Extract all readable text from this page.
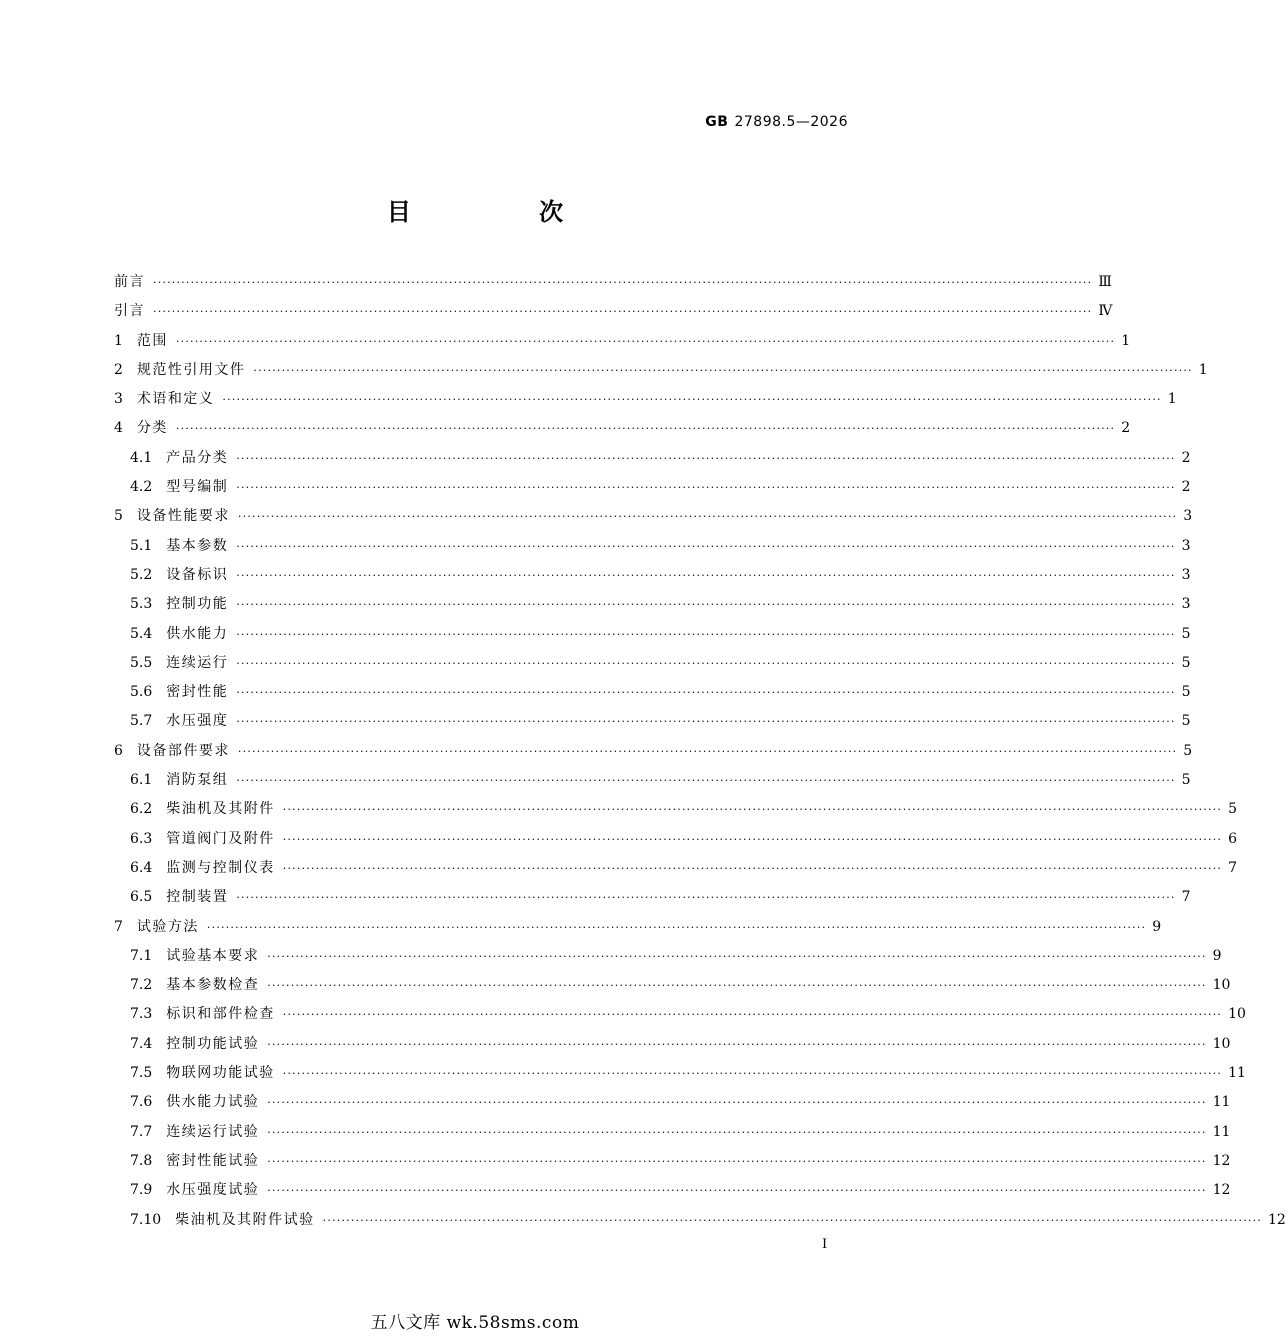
GB 27898.5—2026
目 次
前言 ········································································································································································································ Ⅲ
引言 ········································································································································································································ Ⅳ
1 范围 ········································································································································································································ 1
2 规范性引用文件 ········································································································································································································ 1
3 术语和定义 ········································································································································································································ 1
4 分类 ········································································································································································································ 2
4.1 产品分类 ········································································································································································································ 2
4.2 型号编制 ········································································································································································································ 2
5 设备性能要求 ········································································································································································································ 3
5.1 基本参数 ········································································································································································································ 3
5.2 设备标识 ········································································································································································································ 3
5.3 控制功能 ········································································································································································································ 3
5.4 供水能力 ········································································································································································································ 5
5.5 连续运行 ········································································································································································································ 5
5.6 密封性能 ········································································································································································································ 5
5.7 水压强度 ········································································································································································································ 5
6 设备部件要求 ········································································································································································································ 5
6.1 消防泵组 ········································································································································································································ 5
6.2 柴油机及其附件 ········································································································································································································ 5
6.3 管道阀门及附件 ········································································································································································································ 6
6.4 监测与控制仪表 ········································································································································································································ 7
6.5 控制装置 ········································································································································································································ 7
7 试验方法 ········································································································································································································ 9
7.1 试验基本要求 ········································································································································································································ 9
7.2 基本参数检查 ········································································································································································································ 10
7.3 标识和部件检查 ········································································································································································································ 10
7.4 控制功能试验 ········································································································································································································ 10
7.5 物联网功能试验 ········································································································································································································ 11
7.6 供水能力试验 ········································································································································································································ 11
7.7 连续运行试验 ········································································································································································································ 11
7.8 密封性能试验 ········································································································································································································ 12
7.9 水压强度试验 ········································································································································································································ 12
7.10 柴油机及其附件试验 ········································································································································································································ 12
I
五八文库 wk.58sms.com
